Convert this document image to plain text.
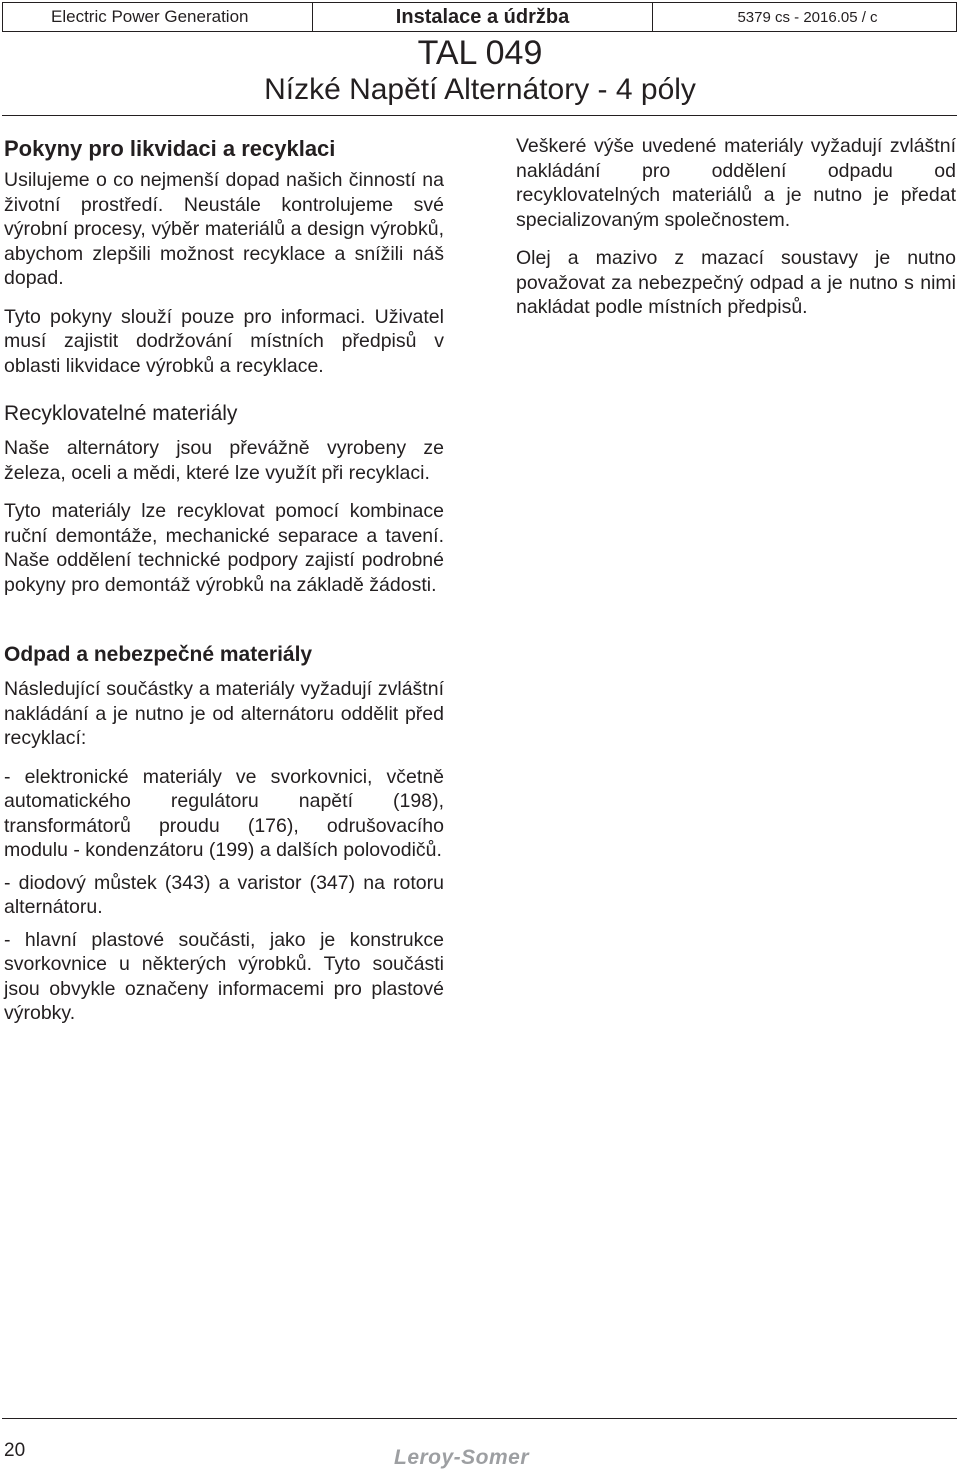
Electric Power Generation	Instalace a údržba	5379 cs - 2016.05 / c
TAL 049
Nízké Napětí Alternátory - 4 póly
Pokyny pro likvidaci a recyklaci

Usilujeme o co nejmenší dopad našich činností na životní prostředí. Neustále kontrolujeme své výrobní procesy, výběr materiálů a design výrobků, abychom zlepšili možnost recyklace a snížili náš dopad.

Tyto pokyny slouží pouze pro informaci. Uživatel musí zajistit dodržování místních předpisů v oblasti likvidace výrobků a recyklace.

Recyklovatelné materiály

Naše alternátory jsou převážně vyrobeny ze železa, oceli a mědi, které lze využít při recyklaci.

Tyto materiály lze recyklovat pomocí kombinace ruční demontáže, mechanické separace a tavení. Naše oddělení technické podpory zajistí podrobné pokyny pro demontáž výrobků na základě žádosti.

Odpad a nebezpečné materiály

Následující součástky a materiály vyžadují zvláštní nakládání a je nutno je od alternátoru oddělit před recyklací:

- elektronické materiály ve svorkovnici, včetně automatického regulátoru napětí (198), transformátorů proudu (176), odrušovacího modulu - kondenzátoru (199) a dalších polovodičů.

- diodový můstek (343) a varistor (347) na rotoru alternátoru.

- hlavní plastové součásti, jako je konstrukce svorkovnice u některých výrobků. Tyto součásti jsou obvykle označeny informacemi pro plastové výrobky.

Veškeré výše uvedené materiály vyžadují zvláštní nakládání pro oddělení odpadu od recyklovatelných materiálů a je nutno je předat specializovaným společnostem.

Olej a mazivo z mazací soustavy je nutno považovat za nebezpečný odpad a je nutno s nimi nakládat podle místních předpisů.

20	Leroy-Somer
